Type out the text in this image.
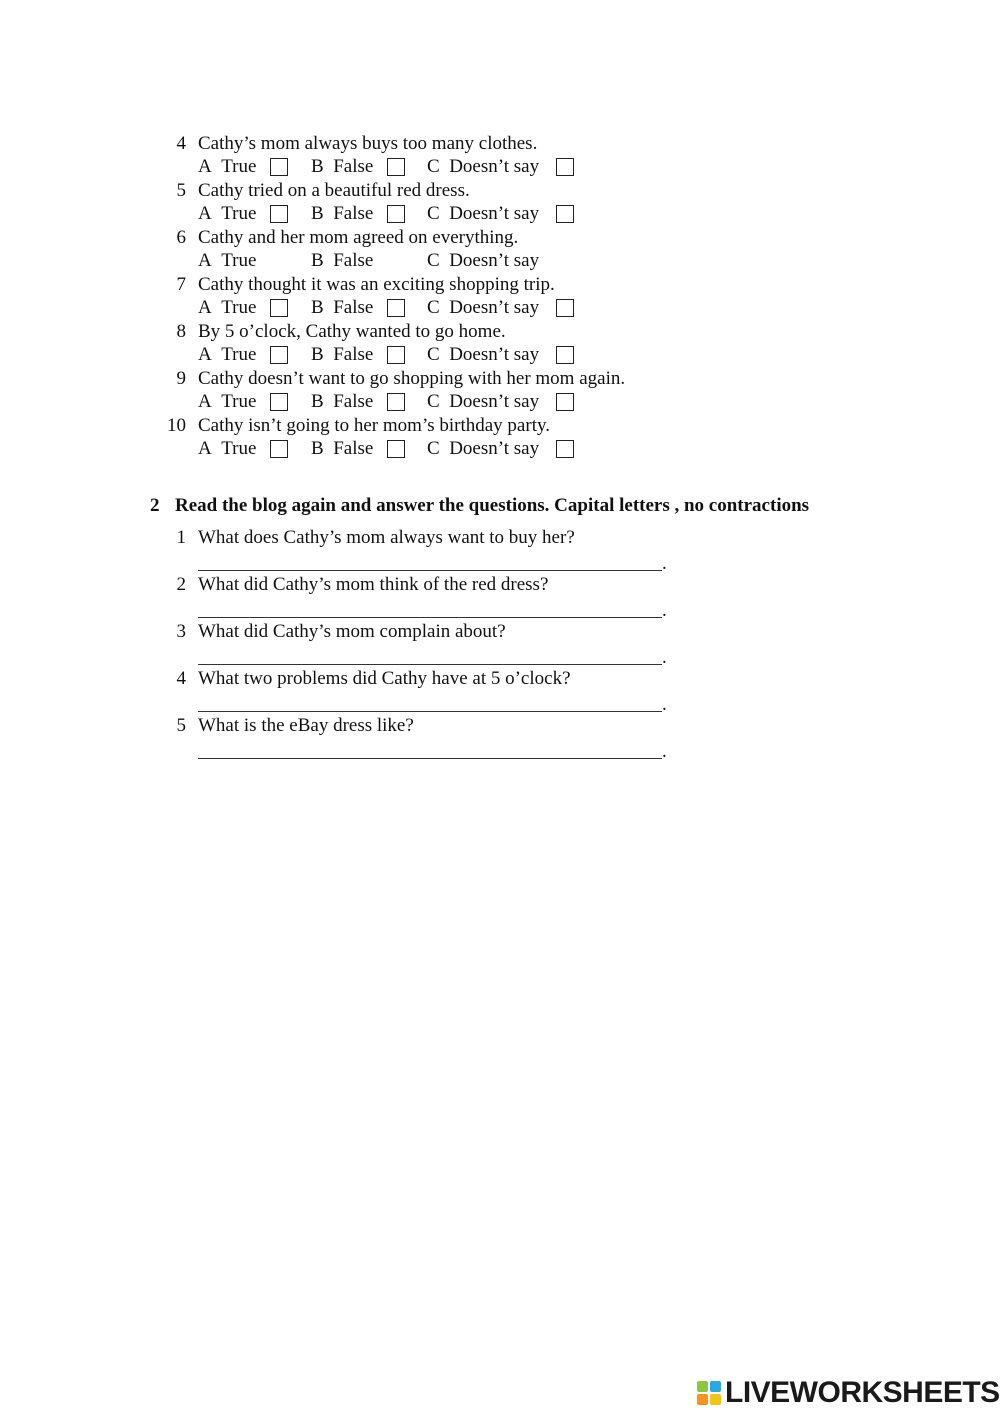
4 Cathy’s mom always buys too many clothes.
A True	B False	C Doesn’t say
5 Cathy tried on a beautiful red dress.
A True	B False	C Doesn’t say
6 Cathy and her mom agreed on everything.
A True	B False	C Doesn’t say
7 Cathy thought it was an exciting shopping trip.
A True	B False	C Doesn’t say
8 By 5 o’clock, Cathy wanted to go home.
A True	B False	C Doesn’t say
9 Cathy doesn’t want to go shopping with her mom again.
A True	B False	C Doesn’t say
10 Cathy isn’t going to her mom’s birthday party.
A True	B False	C Doesn’t say
2 Read the blog again and answer the questions. Capital letters , no contractions
1 What does Cathy’s mom always want to buy her?
.
2 What did Cathy’s mom think of the red dress?
.
3 What did Cathy’s mom complain about?
.
4 What two problems did Cathy have at 5 o’clock?
.
5 What is the eBay dress like?
.
LIVEWORKSHEETS
